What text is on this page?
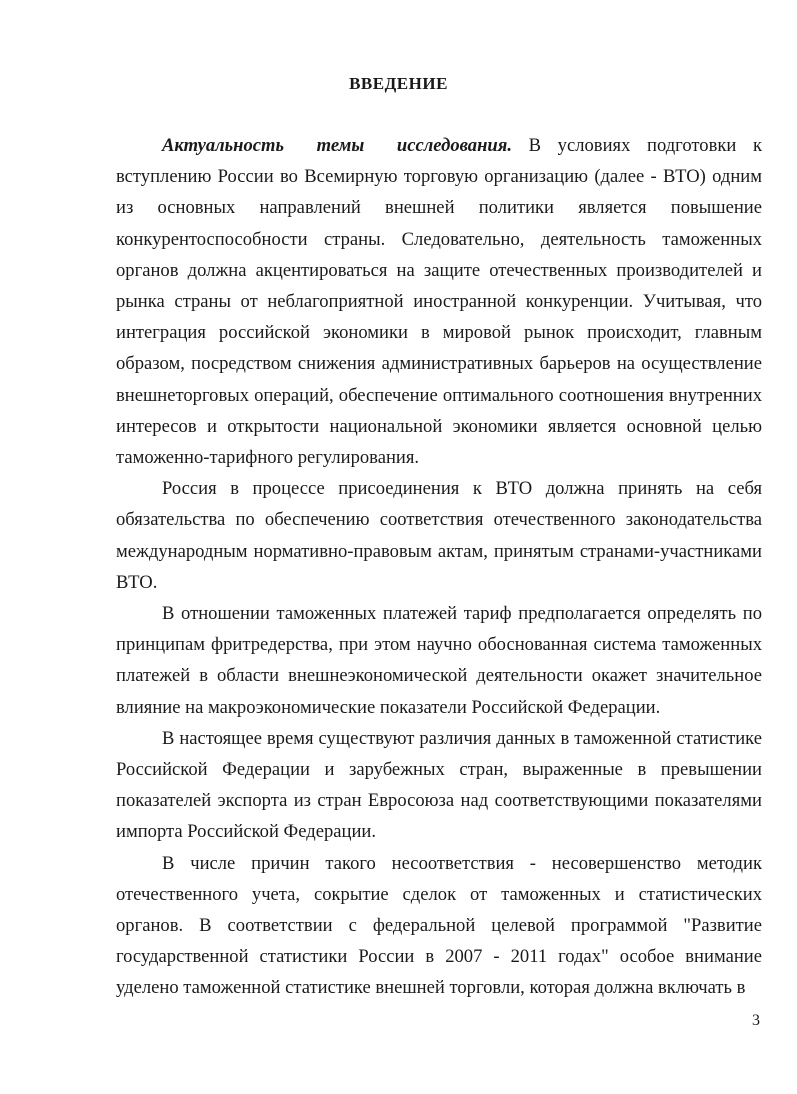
ВВЕДЕНИЕ

Актуальность темы исследования. В условиях подготовки к вступлению России во Всемирную торговую организацию (далее - ВТО) одним из основных направлений внешней политики является повышение конкурентоспособности страны. Следовательно, деятельность таможенных органов должна акцентироваться на защите отечественных производителей и рынка страны от неблагоприятной иностранной конкуренции. Учитывая, что интеграция российской экономики в мировой рынок происходит, главным образом, посредством снижения административных барьеров на осуществление внешнеторговых операций, обеспечение оптимального соотношения внутренних интересов и открытости национальной экономики является основной целью таможенно-тарифного регулирования.

Россия в процессе присоединения к ВТО должна принять на себя обязательства по обеспечению соответствия отечественного законодательства международным нормативно-правовым актам, принятым странами-участниками ВТО.

В отношении таможенных платежей тариф предполагается определять по принципам фритредерства, при этом научно обоснованная система таможенных платежей в области внешнеэкономической деятельности окажет значительное влияние на макроэкономические показатели Российской Федерации.

В настоящее время существуют различия данных в таможенной статистике Российской Федерации и зарубежных стран, выраженные в превышении показателей экспорта из стран Евросоюза над соответствующими показателями импорта Российской Федерации.

В числе причин такого несоответствия - несовершенство методик отечественного учета, сокрытие сделок от таможенных и статистических органов. В соответствии с федеральной целевой программой "Развитие государственной статистики России в 2007 - 2011 годах" особое внимание уделено таможенной статистике внешней торговли, которая должна включать в

3
